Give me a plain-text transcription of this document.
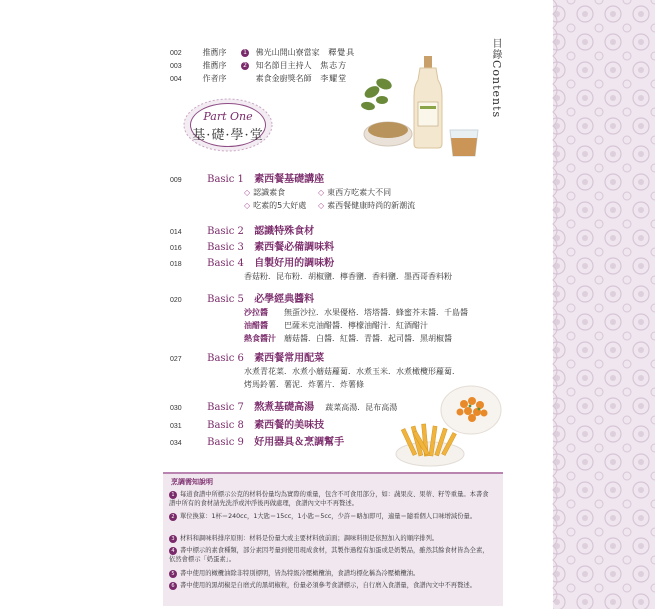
002	推薦序	1 佛光山開山寮當家 釋覺具
003	推薦序	2 知名節目主持人 焦志方
004	作者序	素食金廚獎名師 李耀堂
Part One
基·礎·學·堂
目錄
Contents
009	Basic 1 素西餐基礎講座
◇ 認識素食	◇ 東西方吃素大不同
◇ 吃素的5大好處	◇ 素西餐健康時尚的新潮流
014	Basic 2 認識特殊食材
016	Basic 3 素西餐必備調味料
018	Basic 4 自製好用的調味粉
香菇粉．昆布粉．胡椒鹽．檸香鹽．香料鹽．墨西哥香料粉
020	Basic 5 必學經典醬料
沙拉醬 無蛋沙拉．水果優格．塔塔醬．蜂蜜芥末醬．千島醬
油醋醬 巴薩米克油醋醬．檸檬油醋汁．紅酒醋汁
熱食醬汁 蘑菇醬．白醬．紅醬．青醬．起司醬．黑胡椒醬
027	Basic 6 素西餐常用配菜
水煮青花菜．水煮小蘑菇蘿蔔．水煮玉米．水煮橄欖形蘿蔔．
烤馬鈴薯．薯泥．炸薯片．炸薯條
030	Basic 7 熬煮基礎高湯 蔬菜高湯．昆布高湯
031	Basic 8 素西餐的美味技
034	Basic 9 好用器具＆烹調幫手
烹調需知說明
1 每道食譜中所標示公克的材料份量均為實際的重量，包含不可食用部分，如：蔬果皮、果蒂、籽等重量。本書食譜中所有的食材請先洗淨或沖淨後再做處理，食譜內文中不再贅述。
2 單位換算：1杯＝240cc，1大匙＝15cc，1小匙＝5cc，少許＝略加即可，適量＝隨看個人口味增減份量。
3 材料和調味料排序原則：材料是份量大或主要材料放前面；調味料則是依照加入的順序排列。
4 書中標示的素食種類，部分素因考量到使用現成食材，其製作過程有加蛋或是奶製品，雖然其餘食材皆為全素，依然會標示「奶蛋素」。
5 書中使用的橄欖油除非特別標明，皆為特級冷壓橄欖油，食譜均標化稱為冷壓橄欖油。
6 書中使用的黑胡椒是自磨式的黑胡椒粒，份量必須參考食譜標示，自行磨入食譜量，食譜內文中不再贅述。
